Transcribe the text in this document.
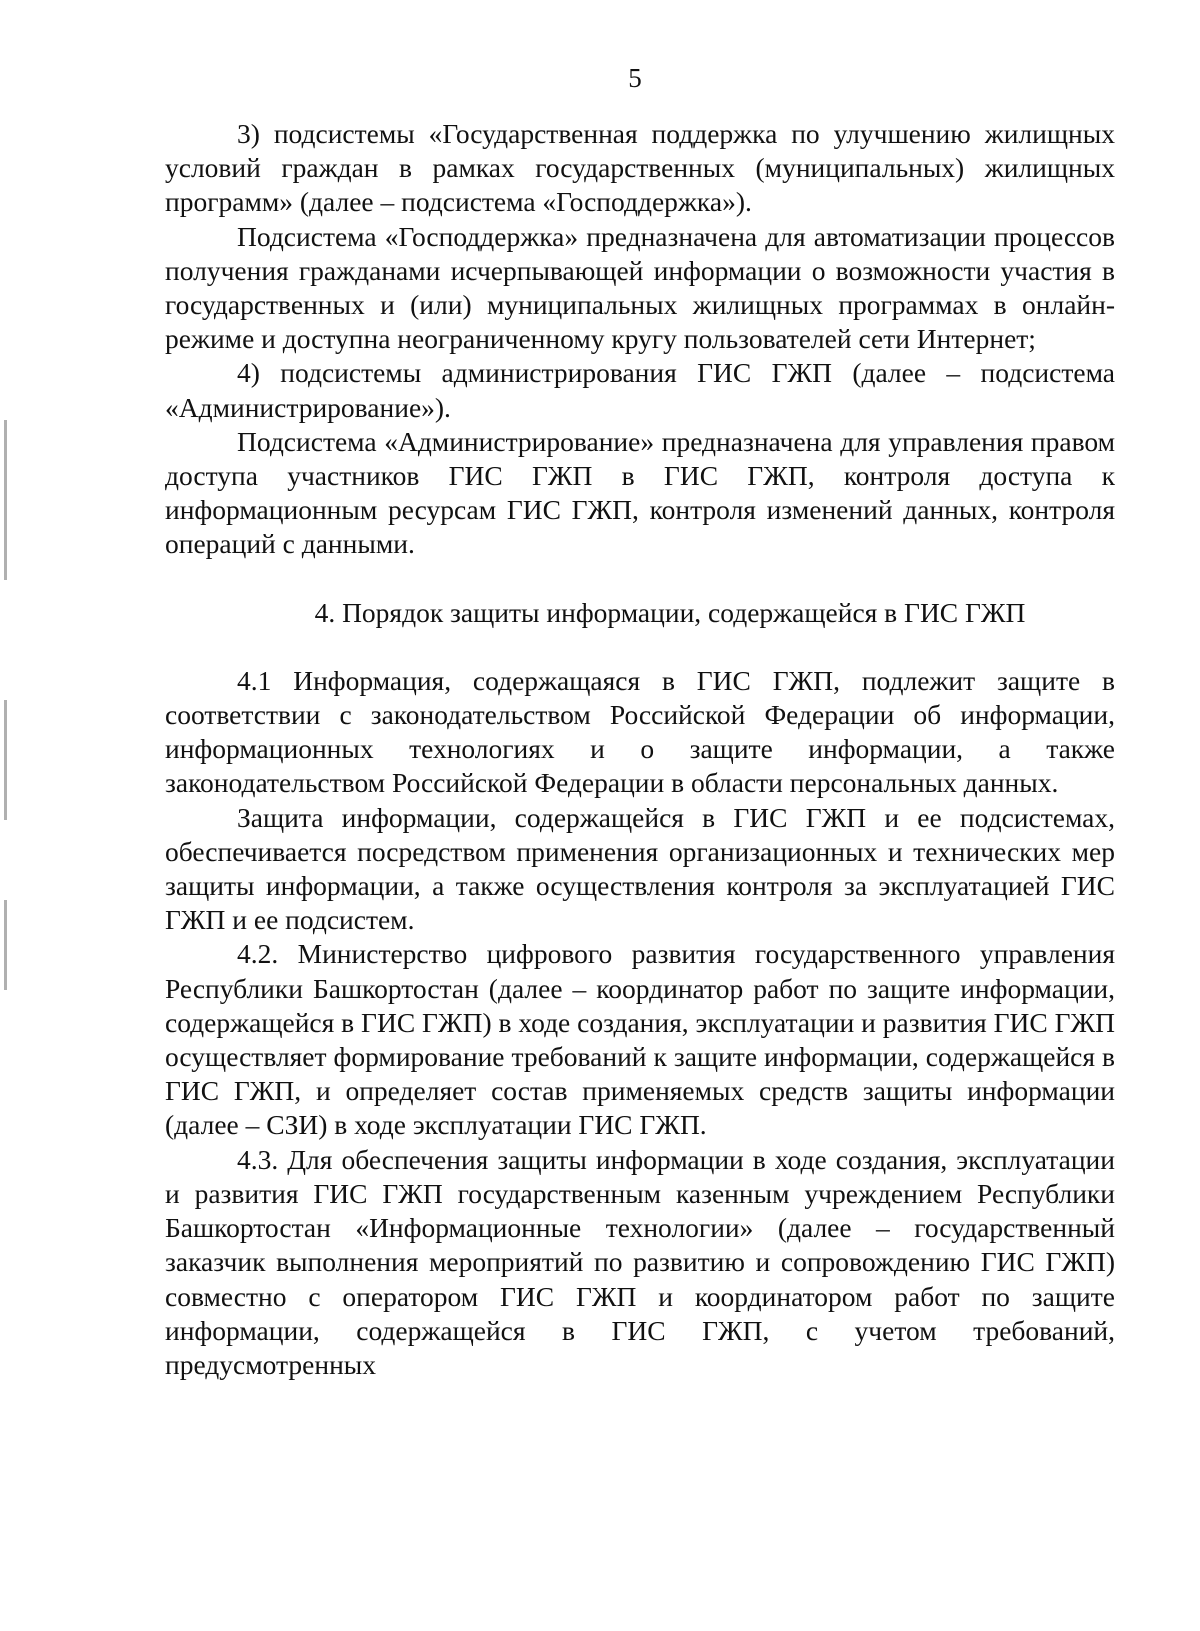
5

3) подсистемы «Государственная поддержка по улучшению жилищных условий граждан в рамках государственных (муниципальных) жилищных программ» (далее – подсистема «Господдержка»).

Подсистема «Господдержка» предназначена для автоматизации процессов получения гражданами исчерпывающей информации о возможности участия в государственных и (или) муниципальных жилищных программах в онлайн-режиме и доступна неограниченному кругу пользователей сети Интернет;

4) подсистемы администрирования ГИС ГЖП (далее – подсистема «Администрирование»).

Подсистема «Администрирование» предназначена для управления правом доступа участников ГИС ГЖП в ГИС ГЖП, контроля доступа к информационным ресурсам ГИС ГЖП, контроля изменений данных, контроля операций с данными.

4. Порядок защиты информации, содержащейся в ГИС ГЖП

4.1 Информация, содержащаяся в ГИС ГЖП, подлежит защите в соответствии с законодательством Российской Федерации об информации, информационных технологиях и о защите информации, а также законодательством Российской Федерации в области персональных данных.

Защита информации, содержащейся в ГИС ГЖП и ее подсистемах, обеспечивается посредством применения организационных и технических мер защиты информации, а также осуществления контроля за эксплуатацией ГИС ГЖП и ее подсистем.

4.2. Министерство цифрового развития государственного управления Республики Башкортостан (далее – координатор работ по защите информации, содержащейся в ГИС ГЖП) в ходе создания, эксплуатации и развития ГИС ГЖП осуществляет формирование требований к защите информации, содержащейся в ГИС ГЖП, и определяет состав применяемых средств защиты информации (далее – СЗИ) в ходе эксплуатации ГИС ГЖП.

4.3. Для обеспечения защиты информации в ходе создания, эксплуатации и развития ГИС ГЖП государственным казенным учреждением Республики Башкортостан «Информационные технологии» (далее – государственный заказчик выполнения мероприятий по развитию и сопровождению ГИС ГЖП) совместно с оператором ГИС ГЖП и координатором работ по защите информации, содержащейся в ГИС ГЖП, с учетом требований, предусмотренных
